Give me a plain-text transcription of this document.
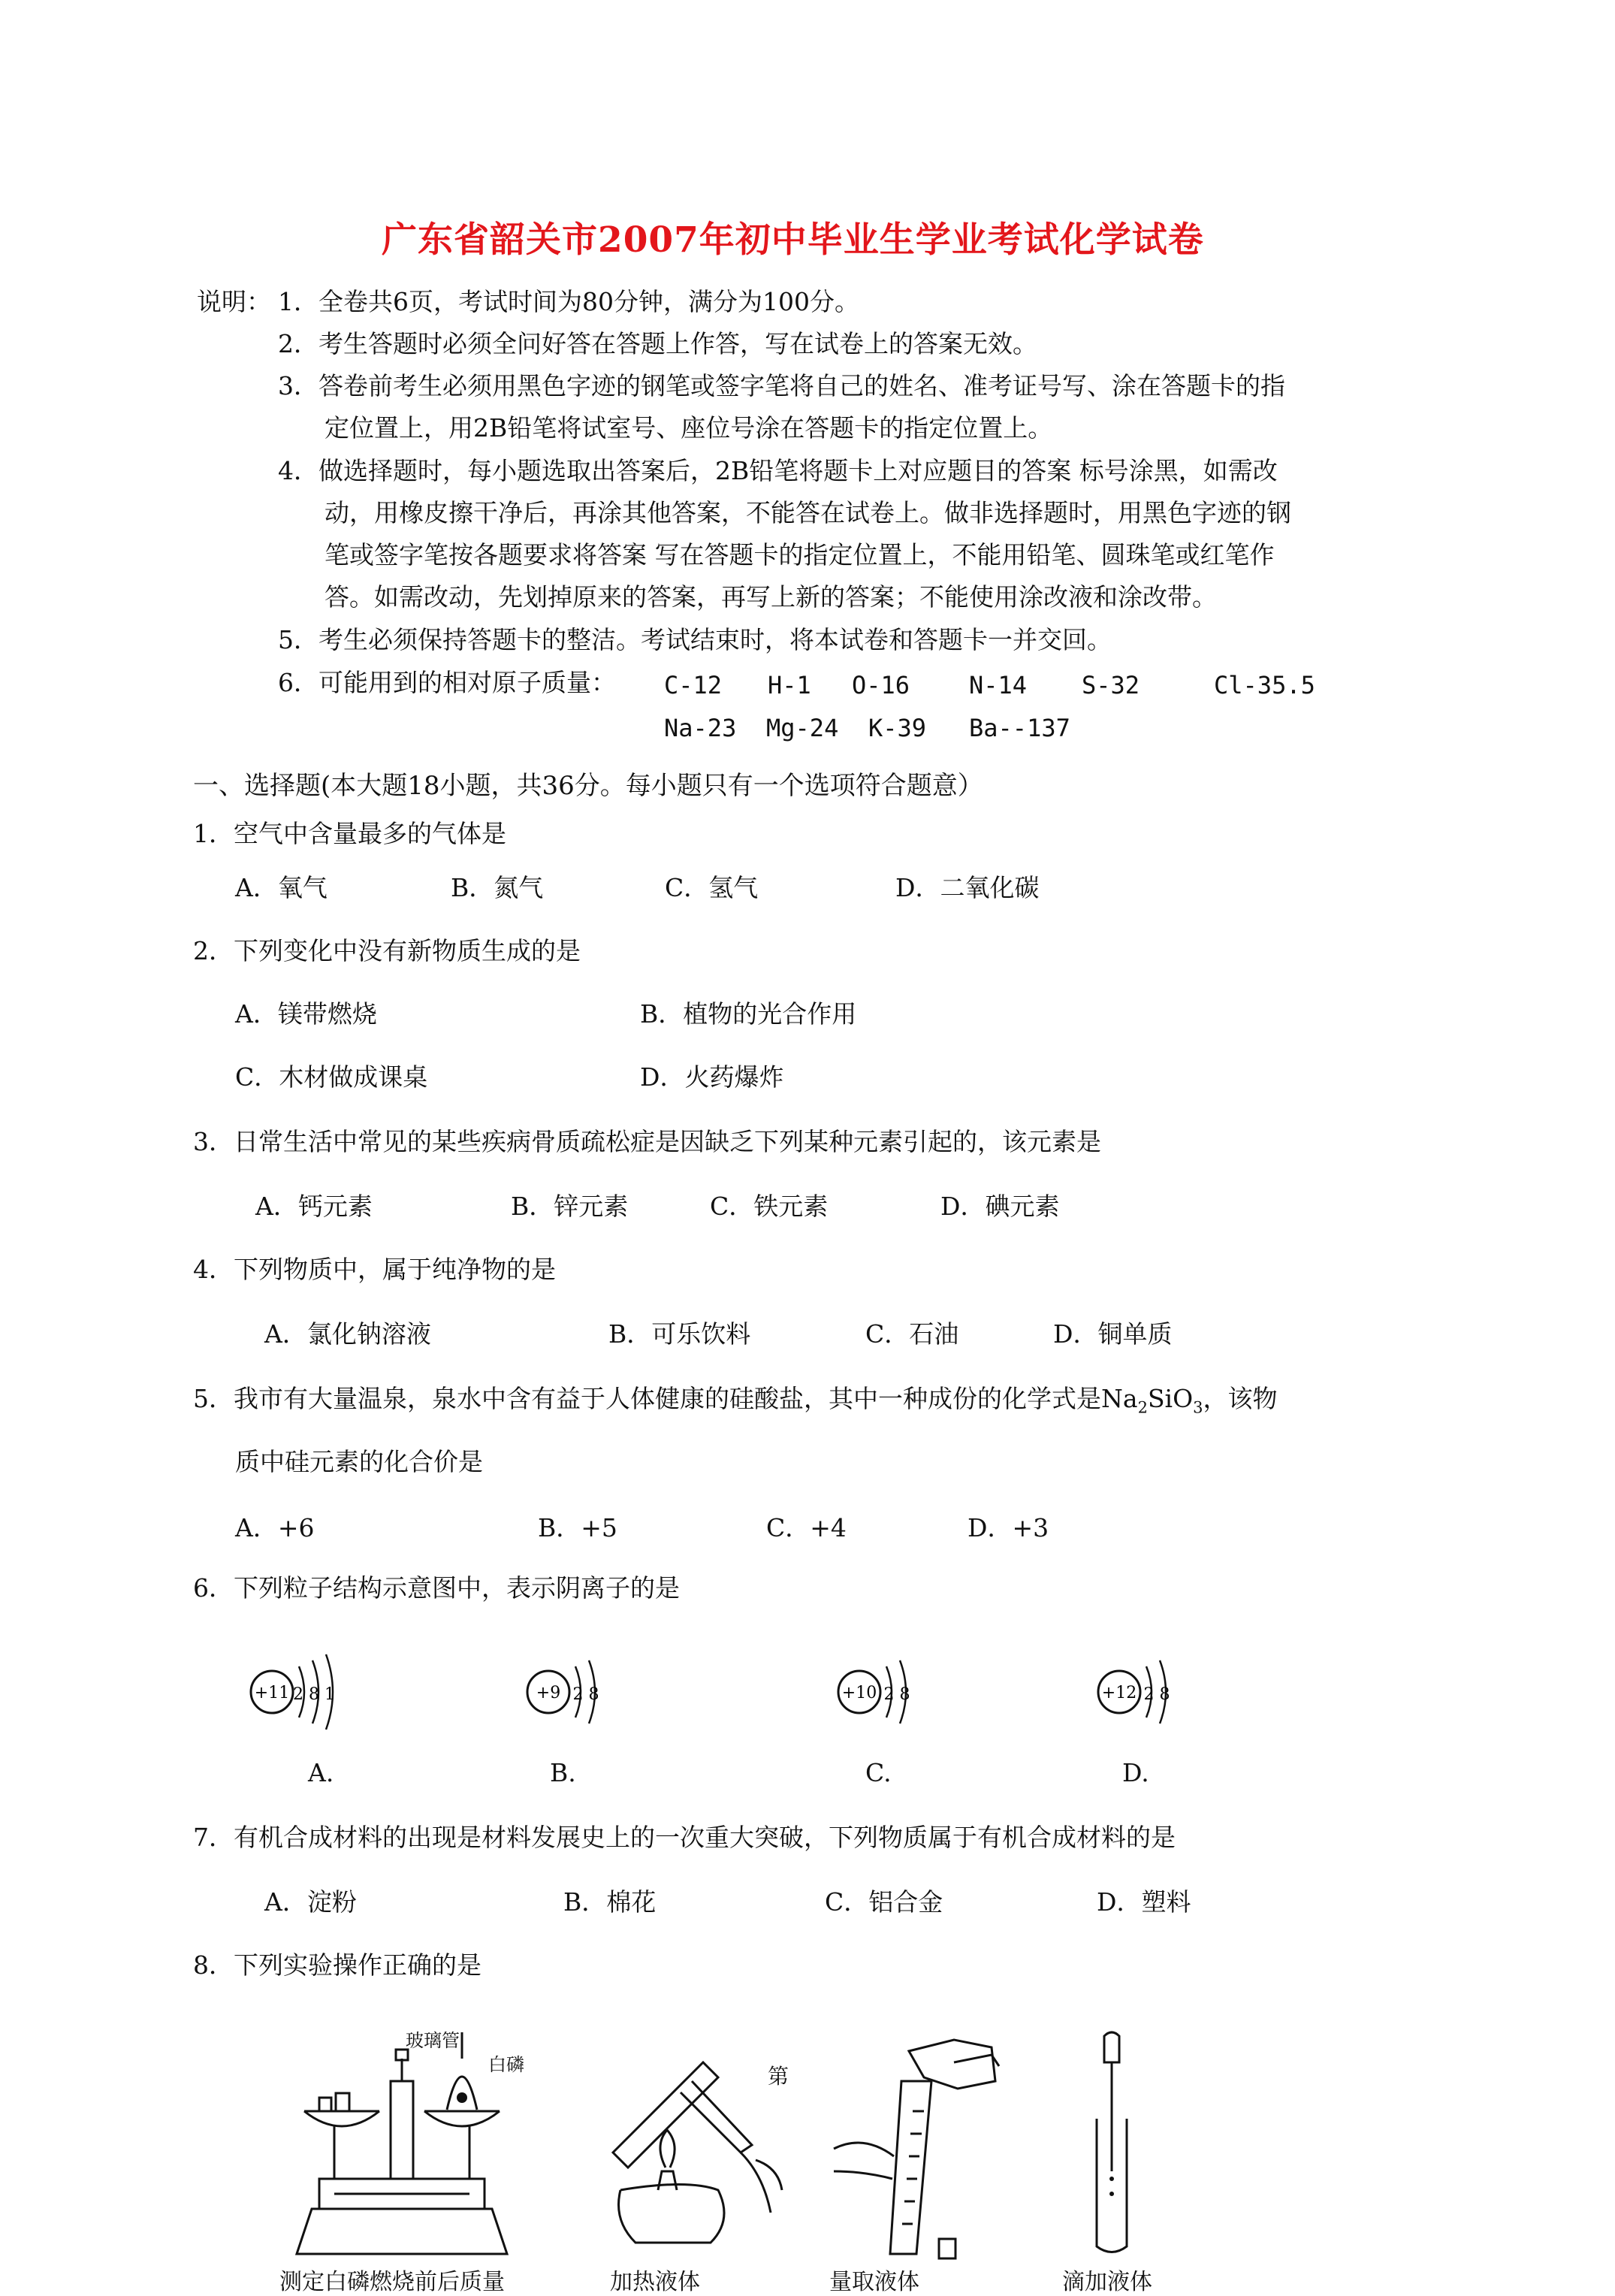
广东省韶关市2007年初中毕业生学业考试化学试卷
说明： 1．全卷共6页，考试时间为80分钟，满分为100分。
2．考生答题时必须全问好答在答题上作答，写在试卷上的答案无效。
3．答卷前考生必须用黑色字迹的钢笔或签字笔将自己的姓名、准考证号写、涂在答题卡的指
定位置上，用2B铅笔将试室号、座位号涂在答题卡的指定位置上。
4．做选择题时，每小题选取出答案后，2B铅笔将题卡上对应题目的答案 标号涂黑，如需改
动，用橡皮擦干净后，再涂其他答案，不能答在试卷上。做非选择题时，用黑色字迹的钢
笔或签字笔按各题要求将答案 写在答题卡的指定位置上，不能用铅笔、圆珠笔或红笔作
答。如需改动，先划掉原来的答案，再写上新的答案；不能使用涂改液和涂改带。
5．考生必须保持答题卡的整洁。考试结束时，将本试卷和答题卡一并交回。
6．可能用到的相对原子质量： C-12 H-1 O-16 N-14 S-32	Cl-35.5
Na-23 Mg-24 K-39 Ba--137
一、选择题(本大题18小题，共36分。每小题只有一个选项符合题意）
1．空气中含量最多的气体是
A．氧气	B．氮气	C．氢气	D．二氧化碳
2．下列变化中没有新物质生成的是
A．镁带燃烧	B．植物的光合作用
C．木材做成课桌	D．火药爆炸
3．日常生活中常见的某些疾病骨质疏松症是因缺乏下列某种元素引起的，该元素是
A．钙元素	B．锌元素	C．铁元素	D．碘元素
4．下列物质中，属于纯净物的是
A．氯化钠溶液	B．可乐饮料	C．石油	D．铜单质
5．我市有大量温泉，泉水中含有益于人体健康的硅酸盐，其中一种成份的化学式是$Na_2SiO_3$，该物
质中硅元素的化合价是
A．+6	B．+5	C．+4	D．+3
6．下列粒子结构示意图中，表示阴离子的是
+11 2 8 1	+9 2 8	+10 2 8	+12 2 8
A.	B.	C.	D.
7．有机合成材料的出现是材料发展史上的一次重大突破，下列物质属于有机合成材料的是
A．淀粉	B．棉花	C．铝合金	D．塑料
8．下列实验操作正确的是
玻璃管
白磷	第
测定白磷燃烧前后质量	加热液体	量取液体	滴加液体
